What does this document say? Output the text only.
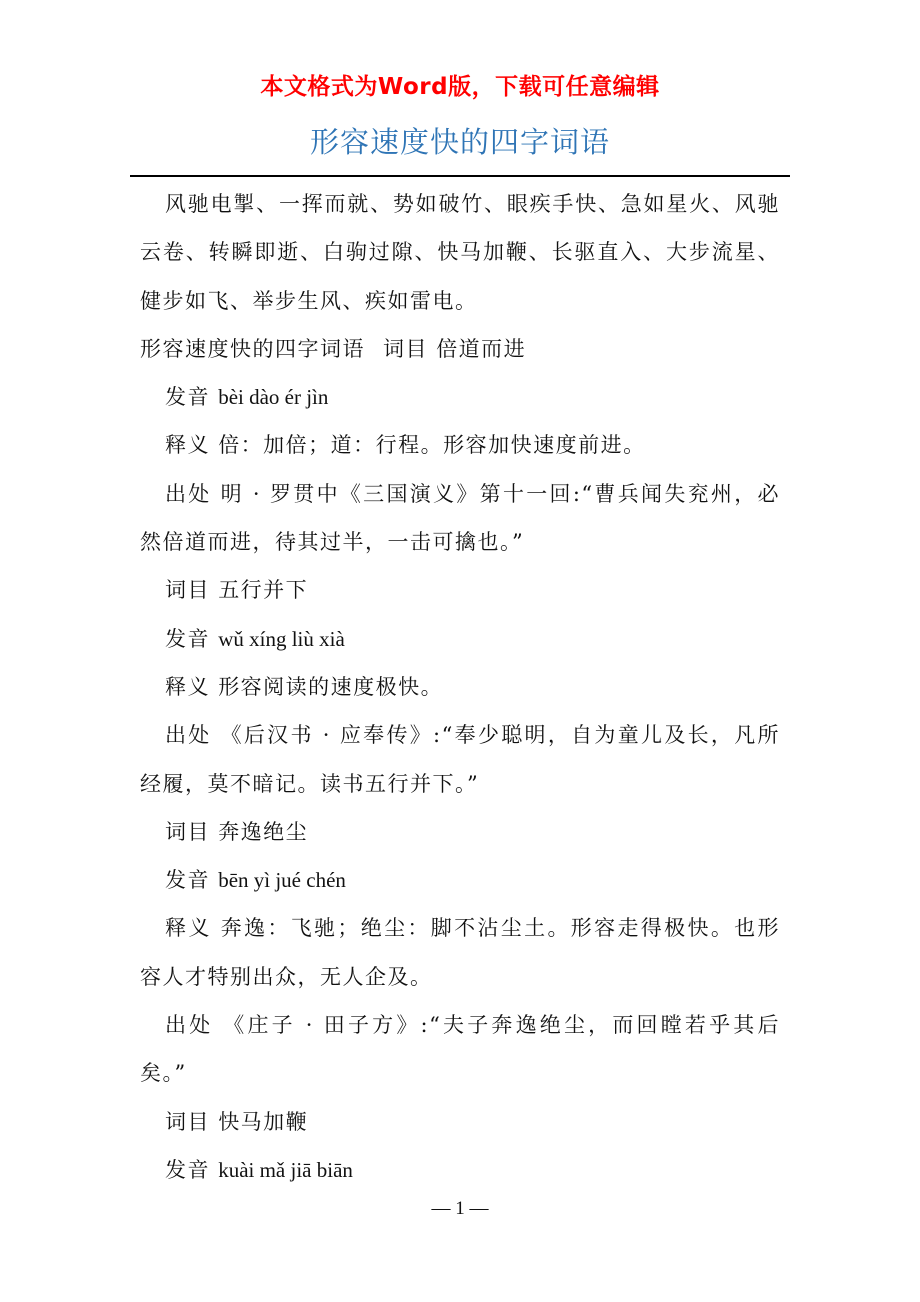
本文格式为Word版，下载可任意编辑
形容速度快的四字词语

风驰电掣、一挥而就、势如破竹、眼疾手快、急如星火、风驰云卷、转瞬即逝、白驹过隙、快马加鞭、长驱直入、大步流星、健步如飞、举步生风、疾如雷电。

形容速度快的四字词语 词目 倍道而进

发音 bèi dào ér jìn

释义 倍：加倍；道：行程。形容加快速度前进。

出处 明 · 罗贯中《三国演义》第十一回:“曹兵闻失兖州，必然倍道而进，待其过半，一击可擒也。”

词目 五行并下

发音 wǔ xíng liù xià

释义 形容阅读的速度极快。

出处 《后汉书 · 应奉传》:“奉少聪明，自为童儿及长，凡所经履，莫不暗记。读书五行并下。”

词目 奔逸绝尘

发音 bēn yì jué chén

释义 奔逸：飞驰；绝尘：脚不沾尘土。形容走得极快。也形容人才特别出众，无人企及。

出处 《庄子 · 田子方》:“夫子奔逸绝尘，而回瞠若乎其后矣。”

词目 快马加鞭

发音 kuài mǎ jiā biān

— 1 —
